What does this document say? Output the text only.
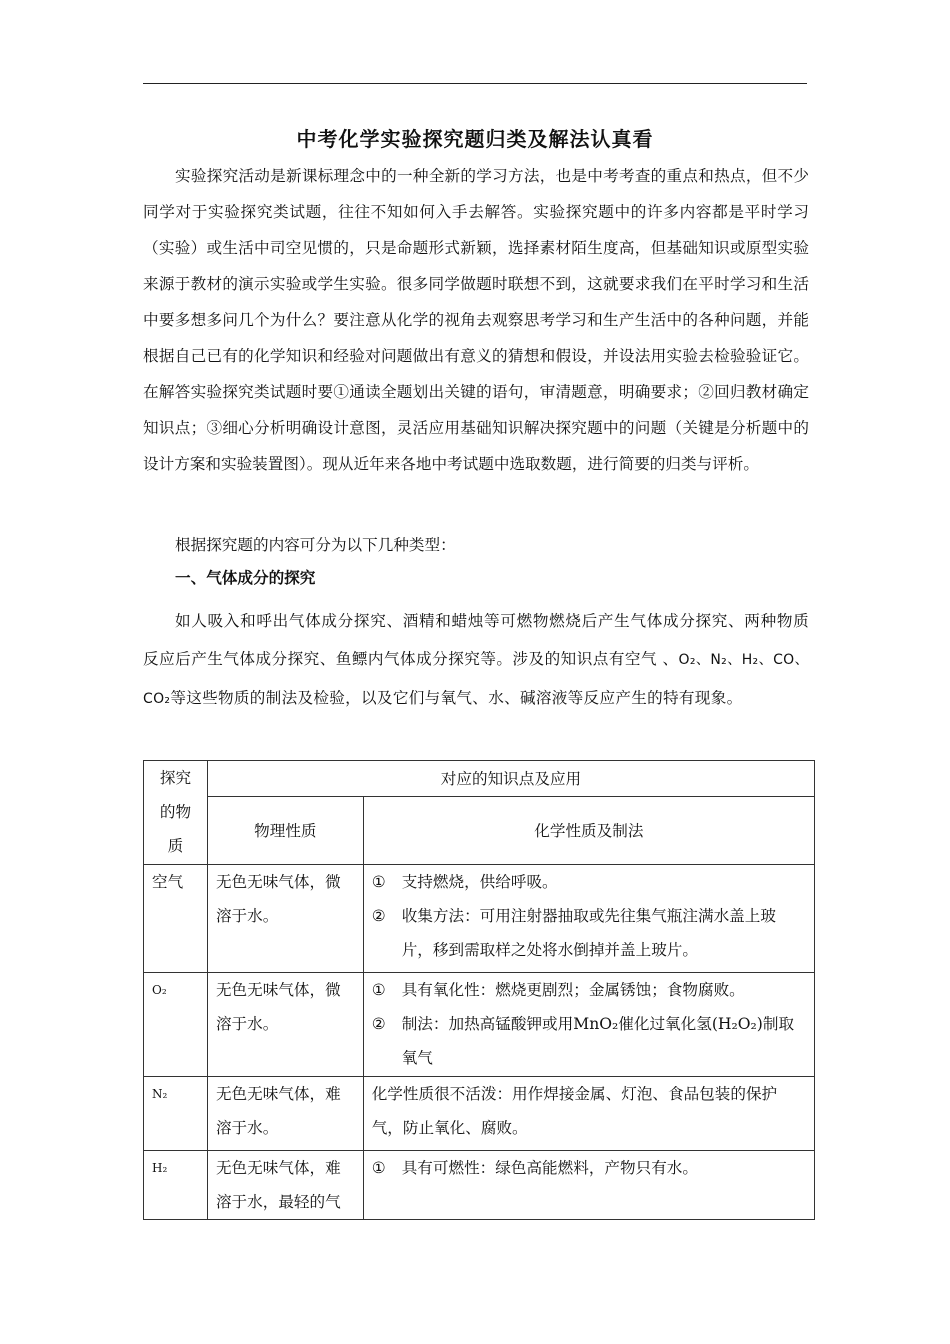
中考化学实验探究题归类及解法认真看

实验探究活动是新课标理念中的一种全新的学习方法，也是中考考查的重点和热点，但不少同学对于实验探究类试题，往往不知如何入手去解答。实验探究题中的许多内容都是平时学习（实验）或生活中司空见惯的，只是命题形式新颖，选择素材陌生度高，但基础知识或原型实验来源于教材的演示实验或学生实验。很多同学做题时联想不到，这就要求我们在平时学习和生活中要多想多问几个为什么？要注意从化学的视角去观察思考学习和生产生活中的各种问题，并能根据自己已有的化学知识和经验对问题做出有意义的猜想和假设，并设法用实验去检验验证它。在解答实验探究类试题时要①通读全题划出关键的语句，审清题意，明确要求；②回归教材确定知识点；③细心分析明确设计意图，灵活应用基础知识解决探究题中的问题（关键是分析题中的设计方案和实验装置图）。现从近年来各地中考试题中选取数题，进行简要的归类与评析。

根据探究题的内容可分为以下几种类型：

一、气体成分的探究

如人吸入和呼出气体成分探究、酒精和蜡烛等可燃物燃烧后产生气体成分探究、两种物质反应后产生气体成分探究、鱼鳔内气体成分探究等。涉及的知识点有空气 、O₂、N₂、H₂、CO、CO₂等这些物质的制法及检验，以及它们与氧气、水、碱溶液等反应产生的特有现象。

探究的物质	对应的知识点及应用	
	物理性质	化学性质及制法
空气	无色无味气体，微溶于水。	① 支持燃烧，供给呼吸。

② 收集方法：可用注射器抽取或先往集气瓶注满水盖上玻片，移到需取样之处将水倒掉并盖上玻片。

O₂	无色无味气体，微溶于水。	① 具有氧化性：燃烧更剧烈；金属锈蚀；食物腐败。

② 制法：加热高锰酸钾或用MnO₂催化过氧化氢(H₂O₂)制取氧气

N₂	无色无味气体，难溶于水。	化学性质很不活泼：用作焊接金属、灯泡、食品包装的保护气，防止氧化、腐败。
H₂	无色无味气体，难溶于水，最轻的气	① 具有可燃性：绿色高能燃料，产物只有水。
